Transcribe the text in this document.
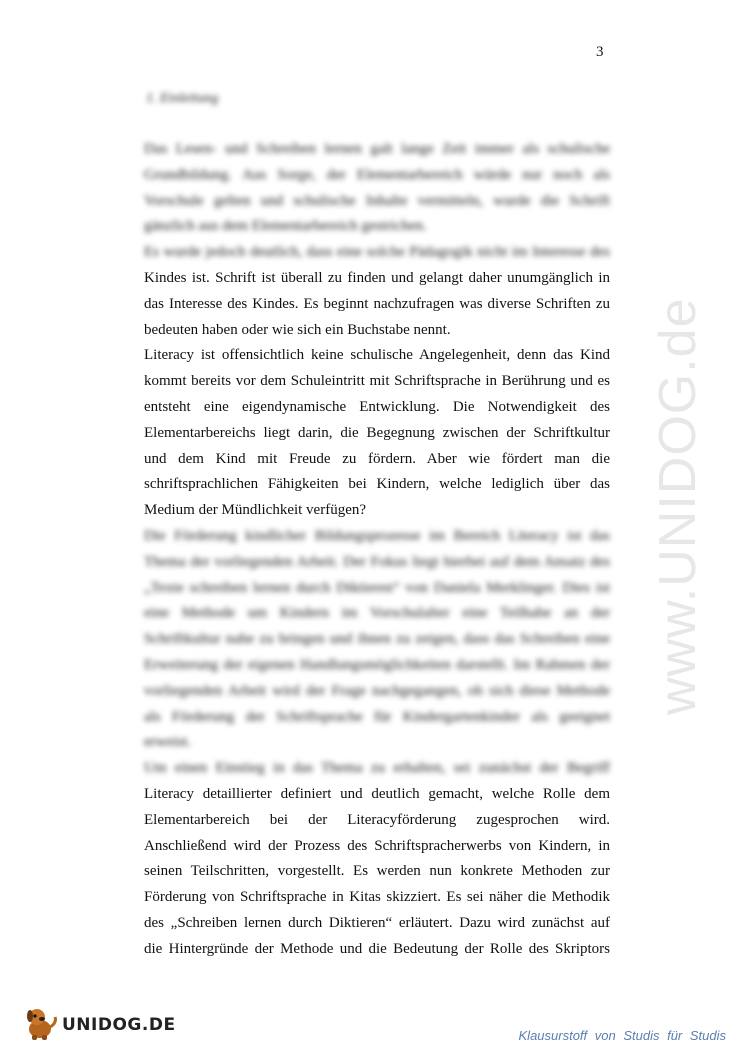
3
1. Einleitung
Das Lesen- und Schreiben lernen galt lange Zeit immer als schulische
Grundbildung. Aus Sorge, der Elementarbereich würde nur noch als
Vorschule gelten und schulische Inhalte vermitteln, wurde die Schrift
gänzlich aus dem Elementarbereich gestrichen.
Es wurde jedoch deutlich, dass eine solche Pädagogik nicht im Interesse des
Kindes ist. Schrift ist überall zu finden und gelangt daher unumgänglich in
das Interesse des Kindes. Es beginnt nachzufragen was diverse Schriften zu
bedeuten haben oder wie sich ein Buchstabe nennt.
Literacy ist offensichtlich keine schulische Angelegenheit, denn das Kind
kommt bereits vor dem Schuleintritt mit Schriftsprache in Berührung und es
entsteht eine eigendynamische Entwicklung. Die Notwendigkeit des
Elementarbereichs liegt darin, die Begegnung zwischen der Schriftkultur
und dem Kind mit Freude zu fördern. Aber wie fördert man die
schriftsprachlichen Fähigkeiten bei Kindern, welche lediglich über das
Medium der Mündlichkeit verfügen?
Die Förderung kindlicher Bildungsprozesse im Bereich Literacy ist das
Thema der vorliegenden Arbeit. Der Fokus liegt hierbei auf dem Ansatz des
„Texte schreiben lernen durch Diktieren“ von Daniela Merklinger. Dies ist
eine Methode um Kindern im Vorschulalter eine Teilhabe an der
Schriftkultur nahe zu bringen und ihnen zu zeigen, dass das Schreiben eine
Erweiterung der eigenen Handlungsmöglichkeiten darstellt. Im Rahmen der
vorliegenden Arbeit wird der Frage nachgegangen, ob sich diese Methode
als Förderung der Schriftsprache für Kindergartenkinder als geeignet
erweist.
Um einen Einstieg in das Thema zu erhalten, sei zunächst der Begriff
Literacy detaillierter definiert und deutlich gemacht, welche Rolle dem
Elementarbereich bei der Literacyförderung zugesprochen wird.
Anschließend wird der Prozess des Schriftspracherwerbs von Kindern, in
seinen Teilschritten, vorgestellt. Es werden nun konkrete Methoden zur
Förderung von Schriftsprache in Kitas skizziert. Es sei näher die Methodik
des „Schreiben lernen durch Diktieren“ erläutert. Dazu wird zunächst auf
die Hintergründe der Methode und die Bedeutung der Rolle des Skriptors
www.UNIDOG.de
UNIDOG.DE
Klausurstoff von Studis für Studis
